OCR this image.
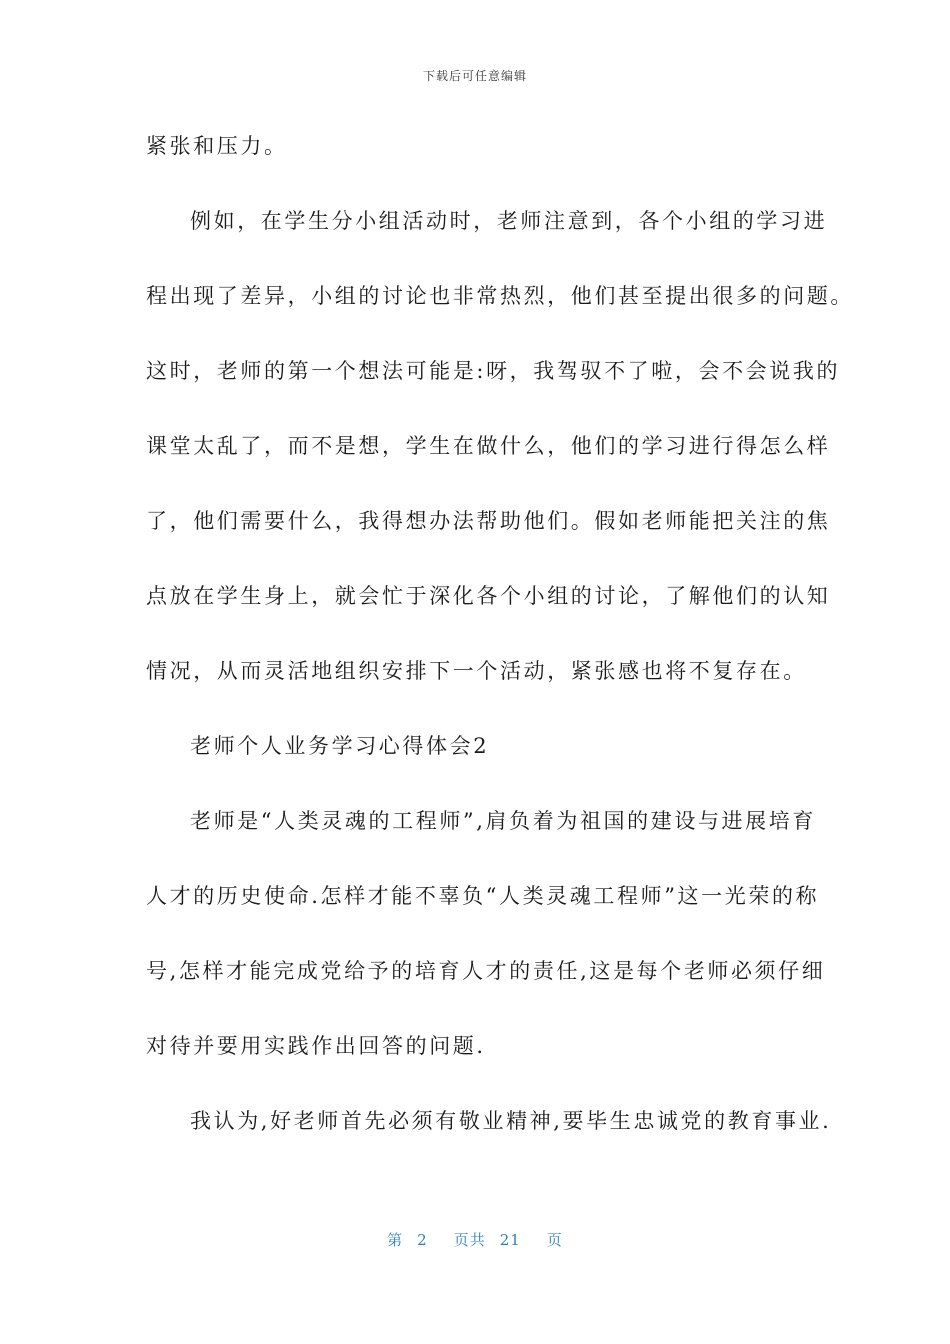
下载后可任意编辑
紧张和压力。
例如，在学生分小组活动时，老师注意到，各个小组的学习进
程出现了差异，小组的讨论也非常热烈，他们甚至提出很多的问题。
这时，老师的第一个想法可能是:呀，我驾驭不了啦，会不会说我的
课堂太乱了，而不是想，学生在做什么，他们的学习进行得怎么样
了，他们需要什么，我得想办法帮助他们。假如老师能把关注的焦
点放在学生身上，就会忙于深化各个小组的讨论，了解他们的认知
情况，从而灵活地组织安排下一个活动，紧张感也将不复存在。
老师个人业务学习心得体会2
老师是“人类灵魂的工程师”,肩负着为祖国的建设与进展培育
人才的历史使命.怎样才能不辜负“人类灵魂工程师”这一光荣的称
号,怎样才能完成党给予的培育人才的责任,这是每个老师必须仔细
对待并要用实践作出回答的问题.
我认为,好老师首先必须有敬业精神,要毕生忠诚党的教育事业.
第 2 页共 21 页
